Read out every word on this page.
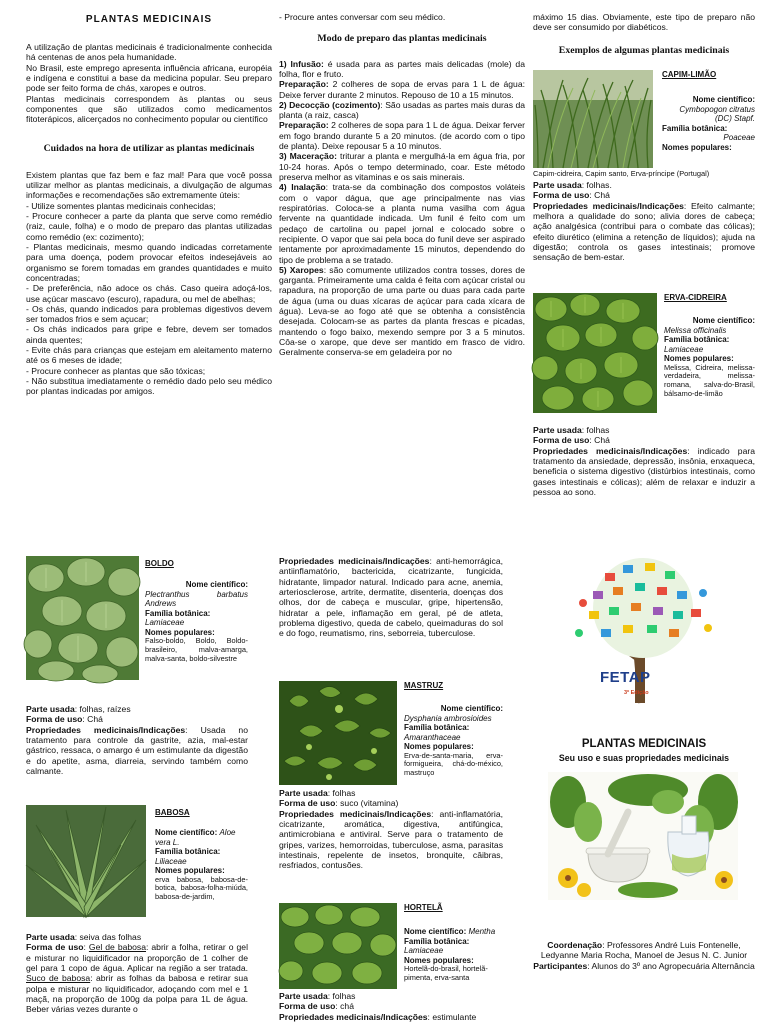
PLANTAS MEDICINAIS

A utilização de plantas medicinais é tradicionalmente conhecida há centenas de anos pela humanidade.

No Brasil, este emprego apresenta influência africana, européia e indígena e constitui a base da medicina popular. Seu preparo pode ser feito forma de chás, xaropes e outros.

Plantas medicinais correspondem às plantas ou seus componentes que são utilizados como medicamentos fitoterápicos, alicerçados no conhecimento popular ou científico

Cuidados na hora de utilizar as plantas medicinais

Existem plantas que faz bem e faz mal! Para que você possa utilizar melhor as plantas medicinais, a divulgação de algumas informações e recomendações são extremamente úteis:

- Utilize somentes plantas medicinais conhecidas;

- Procure conhecer a parte da planta que serve como remédio (raiz, caule, folha) e o modo de preparo das plantas utilizadas como remédio (ex: cozimento);

- Plantas medicinais, mesmo quando indicadas corretamente para uma doença, podem provocar efeitos indesejáveis ao organismo se forem tomadas em grandes quantidades e muito concentradas;

- De preferência, não adoce os chás. Caso queira adoçá-los, use açúcar mascavo (escuro), rapadura, ou mel de abelhas;

- Os chás, quando indicados para problemas digestivos devem ser tomados frios e sem açucar;

- Os chás indicados para gripe e febre, devem ser tomados ainda quentes;

- Evite chás para crianças que estejam em aleitamento materno até os 6 meses de idade;

- Procure conhecer as plantas que são tóxicas;

- Não substitua imediatamente o remédio dado pelo seu médico por plantas indicadas por amigos.

- Procure antes conversar com seu médico.

Modo de preparo das plantas medicinais

1) Infusão: é usada para as partes mais delicadas (mole) da folha, flor e fruto.

Preparação: 2 colheres de sopa de ervas para 1 L de água: Deixe ferver durante 2 minutos. Repouso de 10 a 15 minutos.

2) Decocção (cozimento): São usadas as partes mais duras da planta (a raiz, casca)

Preparação: 2 colheres de sopa para 1 L de água. Deixar ferver em fogo brando durante 5 a 20 minutos. (de acordo com o tipo de planta). Deixe repousar 5 a 10 minutos.

3) Maceração: triturar a planta e mergulhá-la em água fria, por 10-24 horas. Após o tempo determinado, coar. Este método preserva melhor as vitaminas e os sais minerais.

4) Inalação: trata-se da combinação dos compostos voláteis com o vapor dágua, que age principalmente nas vias respiratórias. Coloca-se a planta numa vasilha com água fervente na quantidade indicada. Um funil é feito com um pedaço de cartolina ou papel jornal e colocado sobre o recipiente. O vapor que sai pela boca do funil deve ser aspirado lentamente por aproximadamente 15 minutos, dependendo do tipo de problema a se tratado.

5) Xaropes: são comumente utilizados contra tosses, dores de garganta. Primeiramente uma calda é feita com açúcar cristal ou rapadura, na proporção de uma parte ou duas para cada parte de água (uma ou duas xícaras de açúcar para cada xícara de água). Leva-se ao fogo até que se obtenha a consistência desejada. Colocam-se as partes da planta frescas e picadas, mantendo o fogo baixo, mexendo sempre por 3 a 5 minutos. Côa-se o xarope, que deve ser mantido em frasco de vidro. Geralmente conserva-se em geladeira por no

máximo 15 dias. Obviamente, este tipo de preparo não deve ser consumido por diabéticos.

Exemplos de algumas plantas medicinais
CAPIM-LIMÃO
Nome científico:
Cymbopogon citratus (DC) Stapf.
Família botânica:
Poaceae
Nomes populares:
Capim-cidreira, Capim santo, Erva-príncipe (Portugal)

Parte usada: folhas.

Forma de uso: Chá

Propriedades medicinais/Indicações: Efeito calmante; melhora a qualidade do sono; alivia dores de cabeça; ação analgésica (contribui para o combate das cólicas); efeito diurético (elimina a retenção de líquidos); ajuda na digestão; controla os gases intestinais; promove sensação de bem-estar.

ERVA-CIDREIRA
Nome científico:
Melissa officinalis
Família botânica:
Lamiaceae
Nomes populares:
Melissa, Cidreira, melissa-verdadeira, melissa-romana, salva-do-Brasil, bálsamo-de-limão

Parte usada: folhas

Forma de uso: Chá

Propriedades medicinais/Indicações: indicado para tratamento da ansiedade, depressão, insônia, enxaqueca, beneficia o sistema digestivo (distúrbios intestinais, como gases intestinais e cólicas); além de relaxar e induzir a pessoa ao sono.

BOLDO
Nome científico:
Plectranthus barbatus Andrews
Família botânica:
Lamiaceae
Nomes populares:
Falso-boldo, Boldo, Boldo-brasileiro, malva-amarga, malva-santa, boldo-silvestre

Parte usada: folhas, raízes

Forma de uso: Chá

Propriedades medicinais/Indicações: Usada no tratamento para controle da gastrite, azia, mal-estar gástrico, ressaca, o amargo é um estimulante da digestão e do apetite, asma, diarreia, servindo também como calmante.

BABOSA
Nome científico: Aloe vera L.
Família botânica:
Liliaceae
Nomes populares:
erva babosa, babosa-de-botica, babosa-folha-miúda, babosa-de-jardim,

Parte usada: seiva das folhas

Forma de uso: Gel de babosa: abrir a folha, retirar o gel e misturar no liquidificador na proporção de 1 colher de gel para 1 copo de água. Aplicar na região a ser tratada. Suco de babosa: abrir as folhas da babosa e retirar sua polpa e misturar no liquidificador, adoçando com mel e 1 maçã, na proporção de 100g da polpa para 1L de água. Beber várias vezes durante o

Propriedades medicinais/Indicações: anti-hemorrágica, antiinflamatório, bactericida, cicatrizante, fungicida, hidratante, limpador natural. Indicado para acne, anemia, arteriosclerose, artrite, dermatite, disenteria, doenças dos olhos, dor de cabeça e muscular, gripe, hipertensão, hidratar a pele, inflamação em geral, pé de atleta, problema digestivo, queda de cabelo, queimaduras do sol e do fogo, reumatismo, rins, seborreia, tuberculose.

MASTRUZ
Nome científico:
Dysphania ambrosioides
Família botânica:
Amaranthaceae
Nomes populares:
Erva-de-santa-maria, erva-formigueira, chá-do-méxico, mastruço

Parte usada: folhas

Forma de uso: suco (vitamina)

Propriedades medicinais/Indicações: anti-inflamatória, cicatrizante, aromática, digestiva, antifúngica, antimicrobiana e antiviral. Serve para o tratamento de gripes, varizes, hemorroidas, tuberculose, asma, parasitas intestinais, repelente de insetos, bronquite, câibras, resfriados, contusões.

HORTELÃ
Nome científico: Mentha
Família botânica:
Lamiaceae
Nomes populares:
Hortelã-do-brasil, hortelã-pimenta, erva-santa

Parte usada: folhas

Forma de uso: chá

Propriedades medicinais/Indicações: estimulante

FETAP
3ª Edição
PLANTAS MEDICINAIS
Seu uso e suas propriedades medicinais

Coordenação: Professores André Luis Fontenelle, Ledyanne Maria Rocha, Manoel de Jesus N. C. Junior

Participantes: Alunos do 3º ano Agropecuária Alternância
